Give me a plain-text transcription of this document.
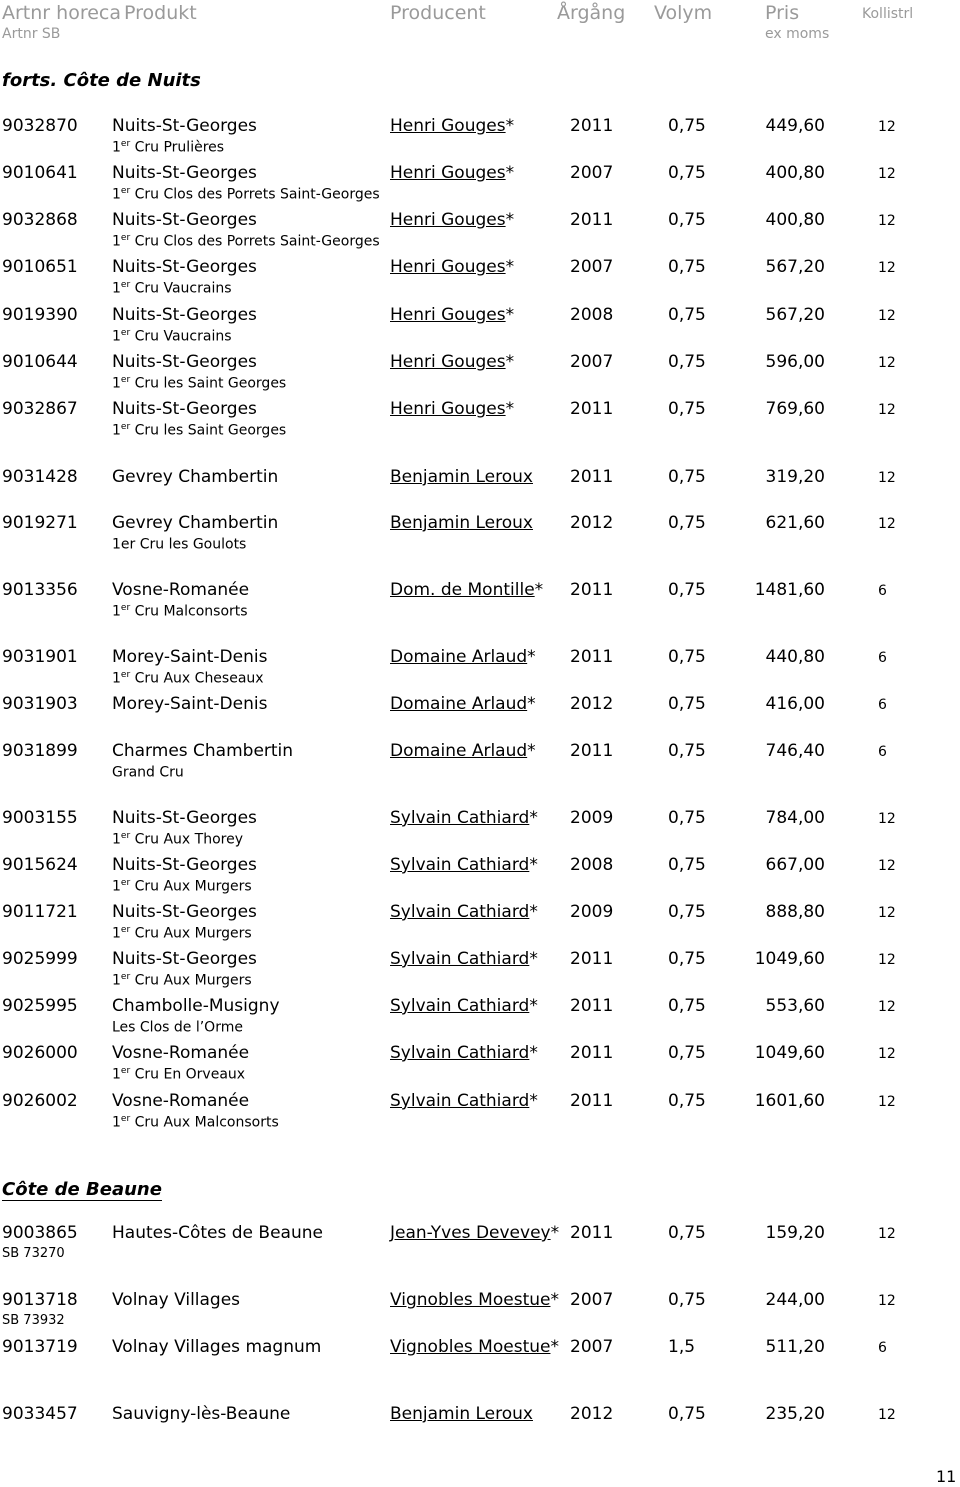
Artnr horeca
Artnr SB
Produkt	Producent	Årgång Volym	Pris
ex moms
Kollistrl
forts. Côte de Nuits
9032870 Nuits-St-Georges	Henri Gouges*	2011	0,75	449,60	12
1er Cru Prulières
9010641 Nuits-St-Georges	Henri Gouges*	2007	0,75	400,80	12
1er Cru Clos des Porrets Saint-Georges
9032868 Nuits-St-Georges	Henri Gouges*	2011	0,75	400,80	12
1er Cru Clos des Porrets Saint-Georges
9010651 Nuits-St-Georges	Henri Gouges*	2007	0,75	567,20	12
1er Cru Vaucrains
9019390 Nuits-St-Georges	Henri Gouges*	2008	0,75	567,20	12
1er Cru Vaucrains
9010644 Nuits-St-Georges	Henri Gouges*	2007	0,75	596,00	12
1er Cru les Saint Georges
9032867 Nuits-St-Georges	Henri Gouges*	2011	0,75	769,60	12
1er Cru les Saint Georges
9031428 Gevrey Chambertin	Benjamin Leroux 2011	0,75	319,20	12
9019271 Gevrey Chambertin	Benjamin Leroux 2012	0,75	621,60	12
1er Cru les Goulots
9013356 Vosne-Romanée	Dom. de Montille* 2011	0,75	1481,60	6
1er Cru Malconsorts
9031901 Morey-Saint-Denis	Domaine Arlaud* 2011	0,75	440,80	6
1er Cru Aux Cheseaux
9031903 Morey-Saint-Denis	Domaine Arlaud* 2012	0,75	416,00	6
9031899 Charmes Chambertin	Domaine Arlaud* 2011	0,75	746,40	6
Grand Cru
9003155 Nuits-St-Georges	Sylvain Cathiard* 2009	0,75	784,00	12
1er Cru Aux Thorey
9015624 Nuits-St-Georges	Sylvain Cathiard* 2008	0,75	667,00	12
1er Cru Aux Murgers
9011721 Nuits-St-Georges	Sylvain Cathiard* 2009	0,75	888,80	12
1er Cru Aux Murgers
9025999 Nuits-St-Georges	Sylvain Cathiard* 2011	0,75	1049,60	12
1er Cru Aux Murgers
9025995 Chambolle-Musigny	Sylvain Cathiard* 2011	0,75	553,60	12
Les Clos de l’Orme
9026000 Vosne-Romanée	Sylvain Cathiard* 2011	0,75	1049,60	12
1er Cru En Orveaux
9026002 Vosne-Romanée	Sylvain Cathiard* 2011	0,75	1601,60	12
1er Cru Aux Malconsorts
9003865 Hautes-Côtes de Beaune	Jean-Yves Devevey* 2011	0,75	159,20	12
SB 73270
9013718 Volnay Villages	Vignobles Moestue* 2007	0,75	244,00	12
SB 73932
9013719 Volnay Villages magnum	Vignobles Moestue* 2007	1,5	511,20	6
9033457 Sauvigny-lès-Beaune	Benjamin Leroux 2012	0,75	235,20	12
Côte de Beaune
11
